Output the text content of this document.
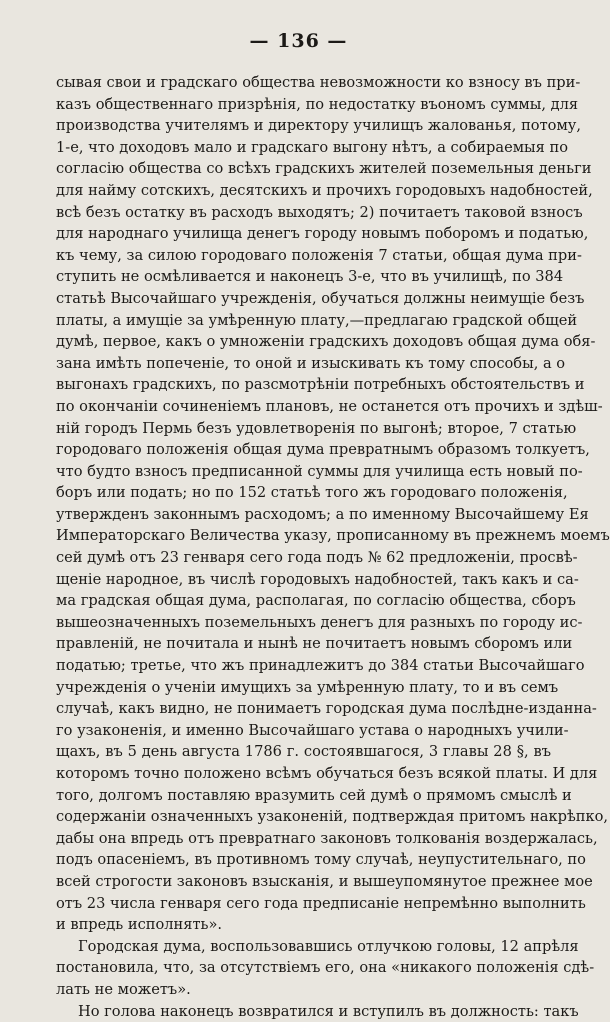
— 136 —
сывая свои и градскаго общества невозможности ко взносу въ при-
казъ общественнаго призрѣнія, по недостатку въономъ суммы, для
производства учителямъ и директору училищъ жалованья, потому,
1-е, что доходовъ мало и градскаго выгону нѣтъ, а собираемыя по
согласію общества со всѣхъ градскихъ жителей поземельныя деньги
для найму сотскихъ, десятскихъ и прочихъ городовыхъ надобностей,
всѣ безъ остатку въ расходъ выходятъ; 2) почитаетъ таковой взносъ
для народнаго училища денегъ городу новымъ поборомъ и податью,
къ чему, за силою городоваго положенія 7 статьи, общая дума при-
ступить не осмѣливается и наконецъ 3-е, что въ училищѣ, по 384
статьѣ Высочайшаго учрежденія, обучаться должны неимущіе безъ
платы, а имущіе за умѣренную плату,—предлагаю градской общей
думѣ, первое, какъ о умноженіи градскихъ доходовъ общая дума обя-
зана имѣть попеченіе, то оной и изыскивать къ тому способы, а о
выгонахъ градскихъ, по разсмотрѣніи потребныхъ обстоятельствъ и
по окончаніи сочиненіемъ плановъ, не останется отъ прочихъ и здѣш-
ній городъ Пермь безъ удовлетворенія по выгонѣ; второе, 7 статью
городоваго положенія общая дума превратнымъ образомъ толкуетъ,
что будто взносъ предписанной суммы для училища есть новый по-
боръ или подать; но по 152 статьѣ того жъ городоваго положенія,
утвержденъ законнымъ расходомъ; а по именному Высочайшему Ея
Императорскаго Величества указу, прописанному въ прежнемъ моемъ
сей думѣ отъ 23 генваря сего года подъ № 62 предложеніи, просвѣ-
щеніе народное, въ числѣ городовыхъ надобностей, такъ какъ и са-
ма градская общая дума, располагая, по согласію общества, сборъ
вышеозначенныхъ поземельныхъ денегъ для разныхъ по городу ис-
правленій, не почитала и нынѣ не почитаетъ новымъ сборомъ или
податью; третье, что жъ принадлежитъ до 384 статьи Высочайшаго
учрежденія о ученіи имущихъ за умѣренную плату, то и въ семъ
случаѣ, какъ видно, не понимаетъ городская дума послѣдне-изданна-
го узаконенія, и именно Высочайшаго устава о народныхъ учили-
щахъ, въ 5 день августа 1786 г. состоявшагося, 3 главы 28 §, въ
которомъ точно положено всѣмъ обучаться безъ всякой платы. И для
того, долгомъ поставляю вразумить сей думѣ о прямомъ смыслѣ и
содержаніи означенныхъ узаконеній, подтверждая притомъ накрѣпко,
дабы она впредь отъ превратнаго законовъ толкованія воздержалась,
подъ опасеніемъ, въ противномъ тому случаѣ, неупустительнаго, по
всей строгости законовъ взысканія, и вышеупомянутое прежнее мое
отъ 23 числа генваря сего года предписаніе непремѣнно выполнить
и впредь исполнять».
Городская дума, воспользовавшись отлучкою головы, 12 апрѣля
постановила, что, за отсутствіемъ его, она «никакого положенія сдѣ-
лать не можетъ».
Но голова наконецъ возвратился и вступилъ въ должность: такъ
